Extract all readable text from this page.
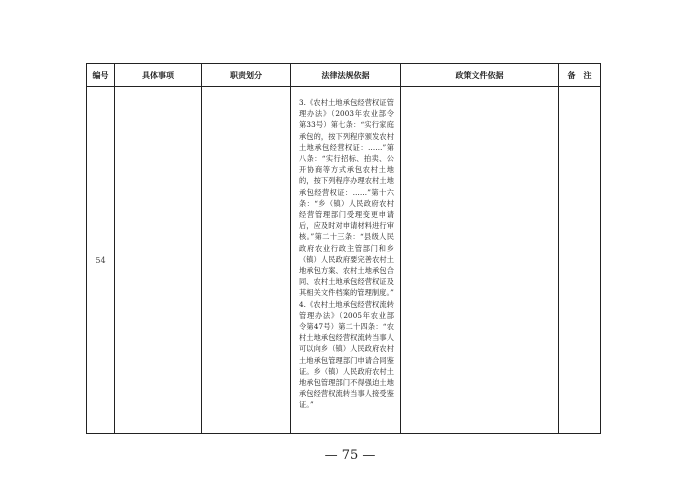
编号	具体事项	职责划分	法律法规依据	政策文件依据	备　注
54			3.《农村土地承包经营权证管理办法》（2003年农业部令第33号）第七条：“实行家庭承包的，按下列程序颁发农村土地承包经营权证：……”第八条：“实行招标、拍卖、公开协商等方式承包农村土地的，按下列程序办理农村土地承包经营权证：……”第十六条：“乡（镇）人民政府农村经营管理部门受理变更申请后，应及时对申请材料进行审核。”第二十三条：“县级人民政府农业行政主管部门和乡（镇）人民政府要完善农村土地承包方案、农村土地承包合同、农村土地承包经营权证及其相关文件档案的管理制度。”

4.《农村土地承包经营权流转管理办法》（2005年农业部令第47号）第二十四条：“农村土地承包经营权流转当事人可以向乡（镇）人民政府农村土地承包管理部门申请合同鉴证。乡（镇）人民政府农村土地承包管理部门不得强迫土地承包经营权流转当事人接受鉴证。”		

— 75 —
